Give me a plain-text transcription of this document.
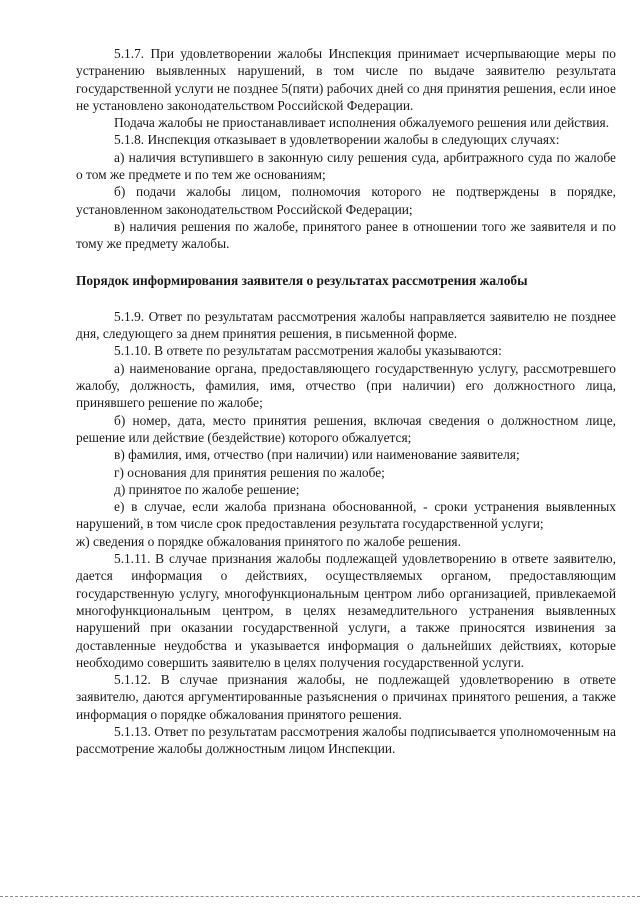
5.1.7. При удовлетворении жалобы Инспекция принимает исчерпывающие меры по устранению выявленных нарушений, в том числе по выдаче заявителю результата государственной услуги не позднее 5(пяти) рабочих дней со дня принятия решения, если иное не установлено законодательством Российской Федерации.

Подача жалобы не приостанавливает исполнения обжалуемого решения или действия.

5.1.8. Инспекция отказывает в удовлетворении жалобы в следующих случаях:

а) наличия вступившего в законную силу решения суда, арбитражного суда по жалобе о том же предмете и по тем же основаниям;

б) подачи жалобы лицом, полномочия которого не подтверждены в порядке, установленном законодательством Российской Федерации;

в) наличия решения по жалобе, принятого ранее в отношении того же заявителя и по тому же предмету жалобы.

Порядок информирования заявителя о результатах рассмотрения жалобы

5.1.9. Ответ по результатам рассмотрения жалобы направляется заявителю не позднее дня, следующего за днем принятия решения, в письменной форме.

5.1.10. В ответе по результатам рассмотрения жалобы указываются:

а) наименование органа, предоставляющего государственную услугу, рассмотревшего жалобу, должность, фамилия, имя, отчество (при наличии) его должностного лица, принявшего решение по жалобе;

б) номер, дата, место принятия решения, включая сведения о должностном лице, решение или действие (бездействие) которого обжалуется;

в) фамилия, имя, отчество (при наличии) или наименование заявителя;

г) основания для принятия решения по жалобе;

д) принятое по жалобе решение;

е) в случае, если жалоба признана обоснованной, - сроки устранения выявленных нарушений, в том числе срок предоставления результата государственной услуги;

ж) сведения о порядке обжалования принятого по жалобе решения.

5.1.11. В случае признания жалобы подлежащей удовлетворению в ответе заявителю, дается информация о действиях, осуществляемых органом, предоставляющим государственную услугу, многофункциональным центром либо организацией, привлекаемой многофункциональным центром, в целях незамедлительного устранения выявленных нарушений при оказании государственной услуги, а также приносятся извинения за доставленные неудобства и указывается информация о дальнейших действиях, которые необходимо совершить заявителю в целях получения государственной услуги.

5.1.12. В случае признания жалобы, не подлежащей удовлетворению в ответе заявителю, даются аргументированные разъяснения о причинах принятого решения, а также информация о порядке обжалования принятого решения.

5.1.13. Ответ по результатам рассмотрения жалобы подписывается уполномоченным на рассмотрение жалобы должностным лицом Инспекции.
